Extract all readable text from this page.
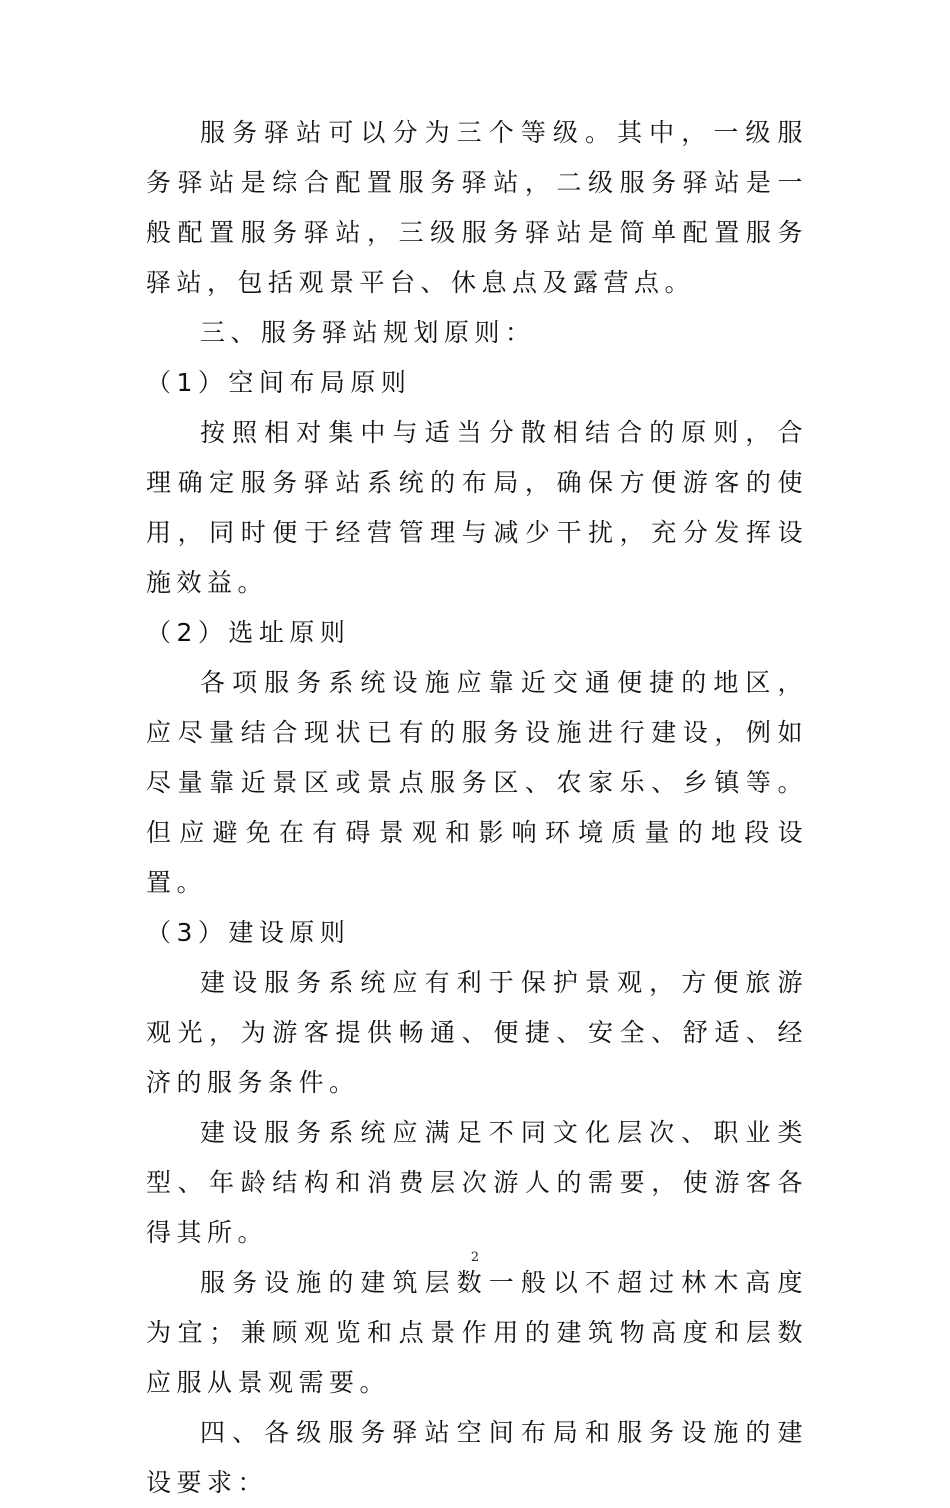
服务驿站可以分为三个等级。其中，一级服务驿站是综合配置服务驿站，二级服务驿站是一般配置服务驿站，三级服务驿站是简单配置服务驿站，包括观景平台、休息点及露营点。

三、服务驿站规划原则：

（1）空间布局原则

按照相对集中与适当分散相结合的原则，合理确定服务驿站系统的布局，确保方便游客的使用，同时便于经营管理与减少干扰，充分发挥设施效益。

（2）选址原则

各项服务系统设施应靠近交通便捷的地区，应尽量结合现状已有的服务设施进行建设，例如尽量靠近景区或景点服务区、农家乐、乡镇等。但应避免在有碍景观和影响环境质量的地段设置。

（3）建设原则

建设服务系统应有利于保护景观，方便旅游观光，为游客提供畅通、便捷、安全、舒适、经济的服务条件。

建设服务系统应满足不同文化层次、职业类型、年龄结构和消费层次游人的需要，使游客各得其所。

服务设施的建筑层数一般以不超过林木高度为宜；兼顾观览和点景作用的建筑物高度和层数应服从景观需要。

四、各级服务驿站空间布局和服务设施的建设要求：

2
